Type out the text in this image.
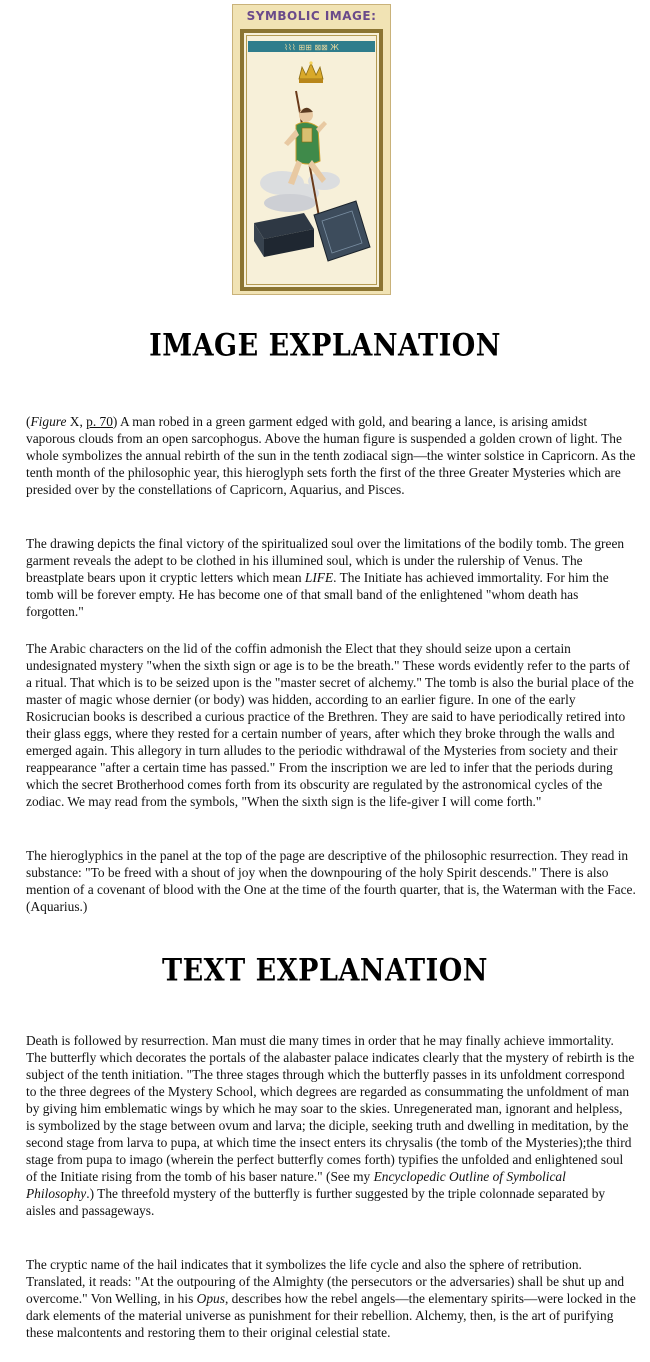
SYMBOLIC IMAGE:
⌇⌇⌇ ⊞⊞ ⊠⊠ Ж
IMAGE EXPLANATION

(Figure X, p. 70) A man robed in a green garment edged with gold, and bearing a lance, is arising amidst vaporous clouds from an open sarcophogus. Above the human figure is suspended a golden crown of light. The whole symbolizes the annual rebirth of the sun in the tenth zodiacal sign—the winter solstice in Capricorn. As the tenth month of the philosophic year, this hieroglyph sets forth the first of the three Greater Mysteries which are presided over by the constellations of Capricorn, Aquarius, and Pisces.

The drawing depicts the final victory of the spiritualized soul over the limitations of the bodily tomb. The green garment reveals the adept to be clothed in his illumined soul, which is under the rulership of Venus. The breastplate bears upon it cryptic letters which mean LIFE. The Initiate has achieved immortality. For him the tomb will be forever empty. He has become one of that small band of the enlightened "whom death has forgotten."

The Arabic characters on the lid of the coffin admonish the Elect that they should seize upon a certain undesignated mystery "when the sixth sign or age is to be the breath." These words evidently refer to the parts of a ritual. That which is to be seized upon is the "master secret of alchemy." The tomb is also the burial place of the master of magic whose dernier (or body) was hidden, according to an earlier figure. In one of the early Rosicrucian books is described a curious practice of the Brethren. They are said to have periodically retired into their glass eggs, where they rested for a certain number of years, after which they broke through the walls and emerged again. This allegory in turn alludes to the periodic withdrawal of the Mysteries from society and their reappearance "after a certain time has passed." From the inscription we are led to infer that the periods during which the secret Brotherhood comes forth from its obscurity are regulated by the astronomical cycles of the zodiac. We may read from the symbols, "When the sixth sign is the life-giver I will come forth."

The hieroglyphics in the panel at the top of the page are descriptive of the philosophic resurrection. They read in substance: "To be freed with a shout of joy when the downpouring of the holy Spirit descends." There is also mention of a covenant of blood with the One at the time of the fourth quarter, that is, the Waterman with the Face. (Aquarius.)

TEXT EXPLANATION

Death is followed by resurrection. Man must die many times in order that he may finally achieve immortality. The butterfly which decorates the portals of the alabaster palace indicates clearly that the mystery of rebirth is the subject of the tenth initiation. "The three stages through which the butterfly passes in its unfoldment correspond to the three degrees of the Mystery School, which degrees are regarded as consummating the unfoldment of man by giving him emblematic wings by which he may soar to the skies. Unregenerated man, ignorant and helpless,
is symbolized by the stage between ovum and larva; the diciple, seeking truth and dwelling in meditation, by the second stage from larva to pupa, at which time the insect enters its chrysalis (the tomb of the Mysteries);the third stage from pupa to imago (wherein the perfect butterfly comes forth) typifies the unfolded and enlightened soul of the Initiate rising from the tomb of his baser nature." (See my Encyclopedic Outline of Symbolical Philosophy.) The threefold mystery of the butterfly is further suggested by the triple colonnade separated by aisles and passageways.

The cryptic name of the hail indicates that it symbolizes the life cycle and also the sphere of retribution. Translated, it reads: "At the outpouring of the Almighty (the persecutors or the adversaries) shall be shut up and overcome." Von Welling, in his Opus, describes how the rebel angels—the elementary spirits—were locked in the dark elements of the material universe as punishment for their rebellion. Alchemy, then, is the art of purifying these malcontents and restoring them to their original celestial state.
